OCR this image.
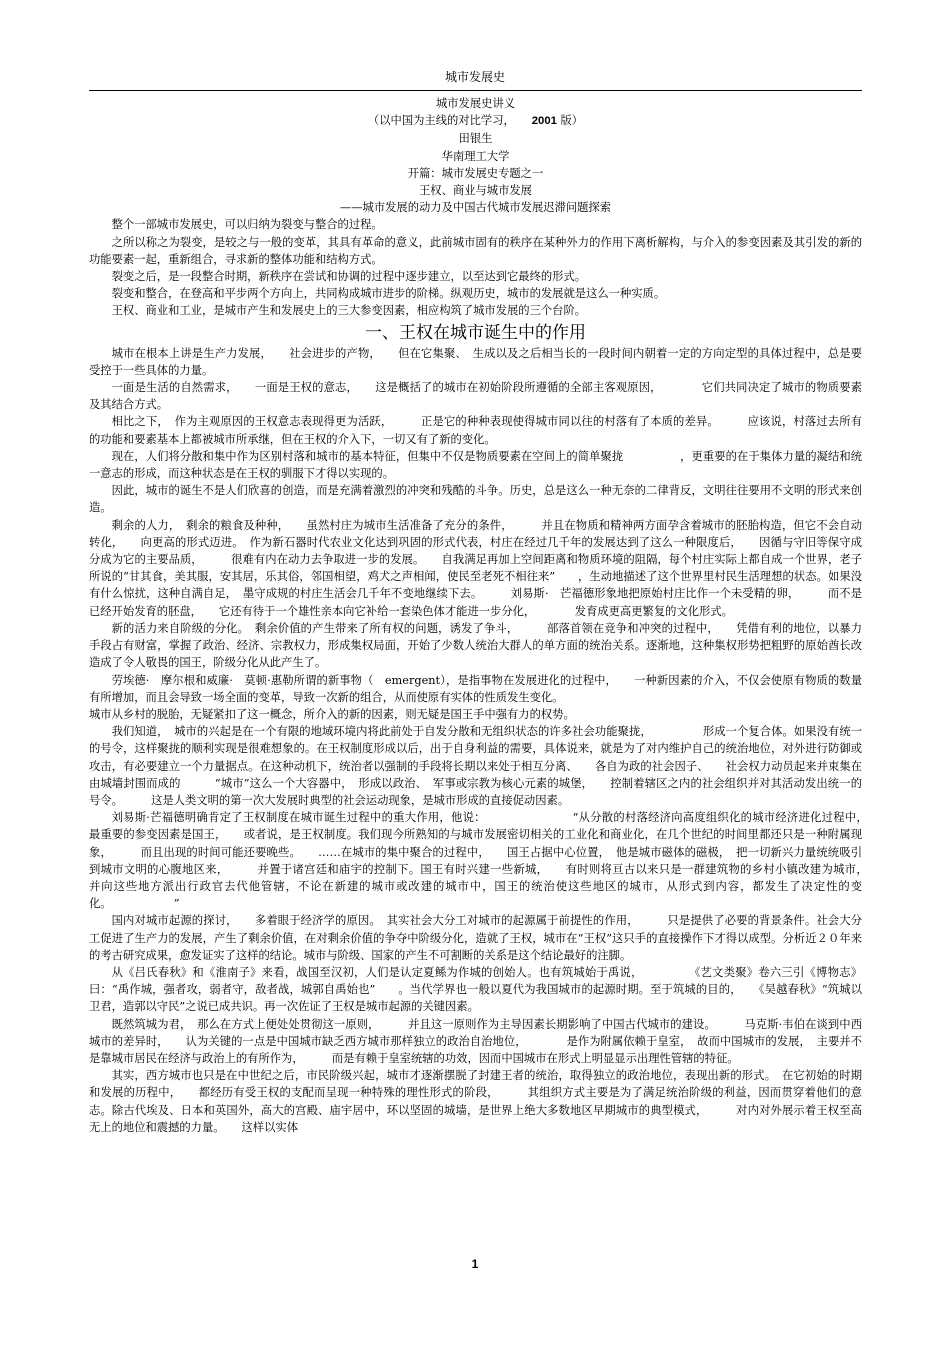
城市发展史
城市发展史讲义
（以中国为主线的对比学习，　　 2001 版）
田银生
华南理工大学
开篇：城市发展史专题之一
王权、商业与城市发展
——城市发展的动力及中国古代城市发展迟滞问题探索

整个一部城市发展史，可以归纳为裂变与整合的过程。

之所以称之为裂变，是较之与一般的变革，其具有革命的意义，此前城市固有的秩序在某种外力的作用下离析解构，与介入的参变因素及其引发的新的功能要素一起，重新组合，寻求新的整体功能和结构方式。

裂变之后，是一段整合时期，新秩序在尝试和协调的过程中逐步建立，以至达到它最终的形式。

裂变和整合，在登高和平步两个方向上，共同构成城市进步的阶梯。纵观历史，城市的发展就是这么一种实质。

王权、商业和工业，是城市产生和发展史上的三大参变因素，相应构筑了城市发展的三个台阶。

一、王权在城市诞生中的作用

城市在根本上讲是生产力发展，　　社会进步的产物，　　但在它集聚、　生成以及之后相当长的一段时间内朝着一定的方向定型的具体过程中，总是要受控于一些具体的力量。

一面是生活的自然需求，　　一面是王权的意志，　　这是概括了的城市在初始阶段所遵循的全部主客观原因，　　　　它们共同决定了城市的物质要素及其结合方式。

相比之下，　作为主观原因的王权意志表现得更为活跃，　　　正是它的种种表现使得城市同以往的村落有了本质的差异。　　　应该说，村落过去所有的功能和要素基本上都被城市所承继，但在王权的介入下，一切又有了新的变化。

现在，人们将分散和集中作为区别村落和城市的基本特征，但集中不仅是物质要素在空间上的简单聚拢　　　　　，更重要的在于集体力量的凝结和统一意志的形成，而这种状态是在王权的驯服下才得以实现的。

因此，城市的诞生不是人们欣喜的创造，而是充满着激烈的冲突和残酷的斗争。历史，总是这么一种无奈的二律背反，文明往往要用不文明的形式来创造。

剩余的人力，　剩余的粮食及种种，　　虽然村庄为城市生活准备了充分的条件，　　　并且在物质和精神两方面孕含着城市的胚胎构造，但它不会自动转化，　　向更高的形式迈进。　作为新石器时代农业文化达到巩固的形式代表，村庄在经过几千年的发展达到了这么一种限度后，　　因循与守旧等保守成分成为它的主要品质，　　　很难有内在动力去争取进一步的发展。　　自我满足再加上空间距离和物质环境的阻隔，每个村庄实际上都自成一个世界，老子所说的“甘其食，美其服，安其居，乐其俗，邻国相望，鸡犬之声相闻，使民至老死不相往来”　　，生动地描述了这个世界里村民生活理想的状态。如果没有什么惊扰，这种自满自足，　墨守成规的村庄生活会几千年不变地继续下去。　　　刘易斯·　芒福德形象地把原始村庄比作一个未受精的卵，　　　而不是已经开始发育的胚盘，　　它还有待于一个雄性亲本向它补给一套染色体才能进一步分化，　　　　发育成更高更繁复的文化形式。

新的活力来自阶级的分化。　剩余价值的产生带来了所有权的问题，诱发了争斗，　　　部落首领在竞争和冲突的过程中，　　凭借有利的地位，以暴力手段占有财富，掌握了政治、经济、宗教权力，形成集权局面，开始了少数人统治大群人的单方面的统治关系。逐渐地，这种集权形势把粗野的原始酋长改造成了令人敬畏的国王，阶级分化从此产生了。

劳埃德·　摩尔根和威廉·　莫顿·惠勒所谓的新事物（　emergent），是指事物在发展进化的过程中，　　一种新因素的介入，不仅会使原有物质的数量有所增加，而且会导致一场全面的变革，导致一次新的组合，从而使原有实体的性质发生变化。

城市从乡村的脱胎，无疑紧扣了这一概念，所介入的新的因素，则无疑是国王手中强有力的权势。

我们知道，　城市的兴起是在一个有限的地域环境内将此前处于自发分散和无组织状态的许多社会功能聚拢，　　　　　形成一个复合体。如果没有统一的号令，这样聚拢的顺利实现是很难想象的。在王权制度形成以后，出于自身利益的需要，具体说来，就是为了对内维护自己的统治地位，对外进行防御或攻击，有必要建立一个力量据点。在这种动机下，统治者以强制的手段将长期以来处于相互分离、　　各自为政的社会因子、　　社会权力动员起来并束集在由城墙封围而成的　　　“城市”这么一个大容器中，　形成以政治、　军事或宗教为核心元素的城堡，　　控制着辖区之内的社会组织并对其活动发出统一的号令。　　　这是人类文明的第一次大发展时典型的社会运动现象，是城市形成的直接促动因素。

刘易斯·芒福德明确肯定了王权制度在城市诞生过程中的重大作用，他说：　　　　　　　　“从分散的村落经济向高度组织化的城市经济进化过程中，　最重要的参变因素是国王，　　或者说，是王权制度。我们现今所熟知的与城市发展密切相关的工业化和商业化，在几个世纪的时间里都还只是一种附属现象，　　　而且出现的时间可能还要晚些。　　……在城市的集中聚合的过程中，　　国王占据中心位置，　他是城市磁体的磁极，　把一切新兴力量统统吸引到城市文明的心腹地区来，　　　并置于诸宫廷和庙宇的控制下。国王有时兴建一些新城，　　有时则将亘古以来只是一群建筑物的乡村小镇改建为城市，　　　并向这些地方派出行政官去代他管辖，不论在新建的城市或改建的城市中，国王的统治使这些地区的城市，从形式到内容，都发生了决定性的变化。　　　　　　”

国内对城市起源的探讨，　　多着眼于经济学的原因。　其实社会大分工对城市的起源属于前提性的作用，　　　只是提供了必要的背景条件。社会大分工促进了生产力的发展，产生了剩余价值，在对剩余价值的争夺中阶级分化，造就了王权，城市在“王权”这只手的直接操作下才得以成型。分析近２０年来的考古研究成果，愈发证实了这样的结论。城市与阶级、国家的产生不可割断的关系是这个结论最好的注脚。

从《吕氏春秋》和《淮南子》来看，战国至汉初，人们是认定夏鲧为作城的创始人。也有筑城始于禹说，　　　　　《艺文类聚》卷六三引《博物志》曰：“禹作城，强者攻，弱者守，敌者战，城郭自禹始也”　　。当代学界也一般以夏代为我国城市的起源时期。至于筑城的目的，　　《吴越春秋》“筑城以卫君，造郭以守民”之说已成共识。再一次佐证了王权是城市起源的关键因素。

既然筑城为君，　那么在方式上便处处贯彻这一原则，　　　并且这一原则作为主导因素长期影响了中国古代城市的建设。　　　马克斯·韦伯在谈到中西城市的差异时，　　认为关键的一点是中国城市缺乏西方城市那样独立的政治自治地位，　　　　是作为附属依赖于皇室，　故而中国城市的发展，　主要并不是靠城市居民在经济与政治上的有所作为，　　　而是有赖于皇室统辖的功效，因而中国城市在形式上明显显示出理性管辖的特征。

其实，西方城市也只是在中世纪之后，市民阶级兴起，城市才逐渐摆脱了封建王者的统治，取得独立的政治地位，表现出新的形式。　在它初始的时期和发展的历程中，　　都经历有受王权的支配而呈现一种特殊的理性形式的阶段，　　　其组织方式主要是为了满足统治阶级的利益，因而贯穿着他们的意志。除古代埃及、日本和英国外，高大的宫殿、庙宇居中，环以坚固的城墙，是世界上绝大多数地区早期城市的典型模式，　　　对内对外展示着王权至高无上的地位和震撼的力量。　　这样以实体

1
